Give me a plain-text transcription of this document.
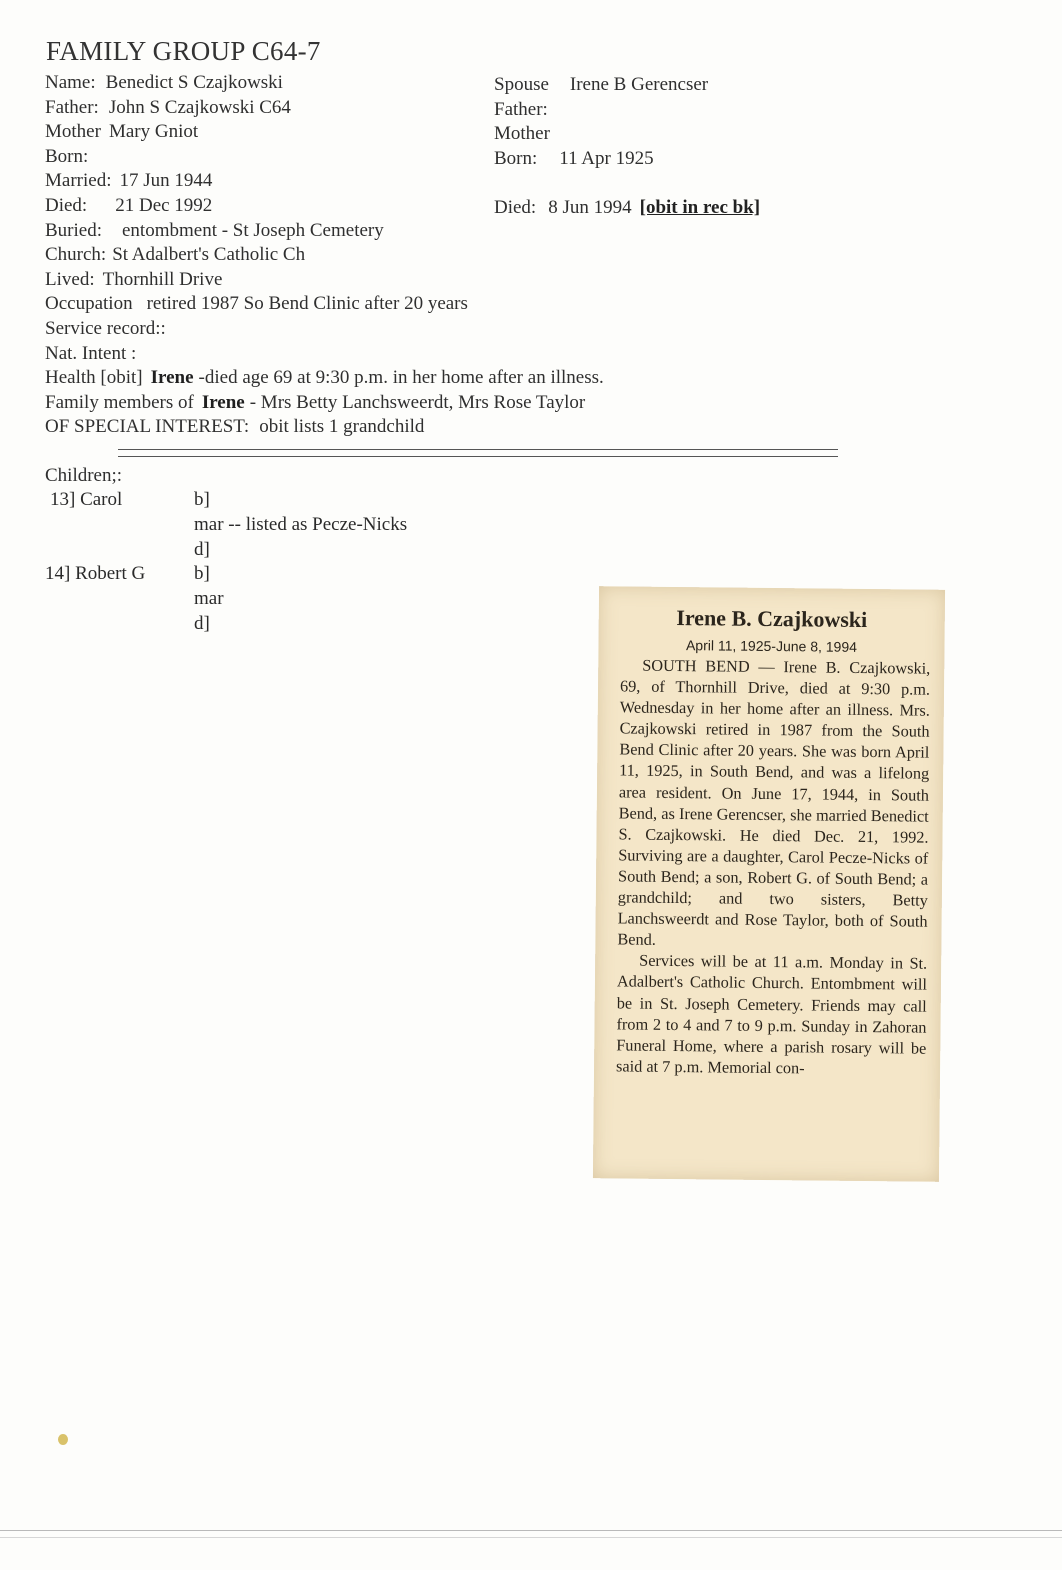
FAMILY GROUP C64-7
Name: Benedict S Czajkowski
Father: John S Czajkowski C64
Mother Mary Gniot
Born:
Married: 17 Jun 1944
Died: 21 Dec 1992
Buried: entombment - St Joseph Cemetery
Church: St Adalbert's Catholic Ch
Lived: Thornhill Drive
Occupation retired 1987 So Bend Clinic after 20 years
Service record::
Nat. Intent :
Spouse Irene B Gerencser
Father:
Mother
Born: 11 Apr 1925
Died: 8 Jun 1994 [obit in rec bk]
Health [obit] Irene -died age 69 at 9:30 p.m. in her home after an illness.
Family members of Irene - Mrs Betty Lanchsweerdt, Mrs Rose Taylor
OF SPECIAL INTEREST: obit lists 1 grandchild
Children;:
13] Carol	b]
mar -- listed as Pecze-Nicks
d]
14] Robert G	b]
mar
d]	Irene B. Czajkowski
April 11, 1925-June 8, 1994

SOUTH BEND — Irene B. Czajkowski, 69, of Thornhill Drive, died at 9:30 p.m. Wednesday in her home after an illness. Mrs. Czajkowski retired in 1987 from the South Bend Clinic after 20 years. She was born April 11, 1925, in South Bend, and was a lifelong area resident. On June 17, 1944, in South Bend, as Irene Gerencser, she married Benedict S. Czajkowski. He died Dec. 21, 1992. Surviving are a daughter, Carol Pecze-Nicks of South Bend; a son, Robert G. of South Bend; a grandchild; and two sisters, Betty Lanchsweerdt and Rose Taylor, both of South Bend.

Services will be at 11 a.m. Monday in St. Adalbert's Catholic Church. Entombment will be in St. Joseph Cemetery. Friends may call from 2 to 4 and 7 to 9 p.m. Sunday in Zahoran Funeral Home, where a parish rosary will be said at 7 p.m. Memorial con-
